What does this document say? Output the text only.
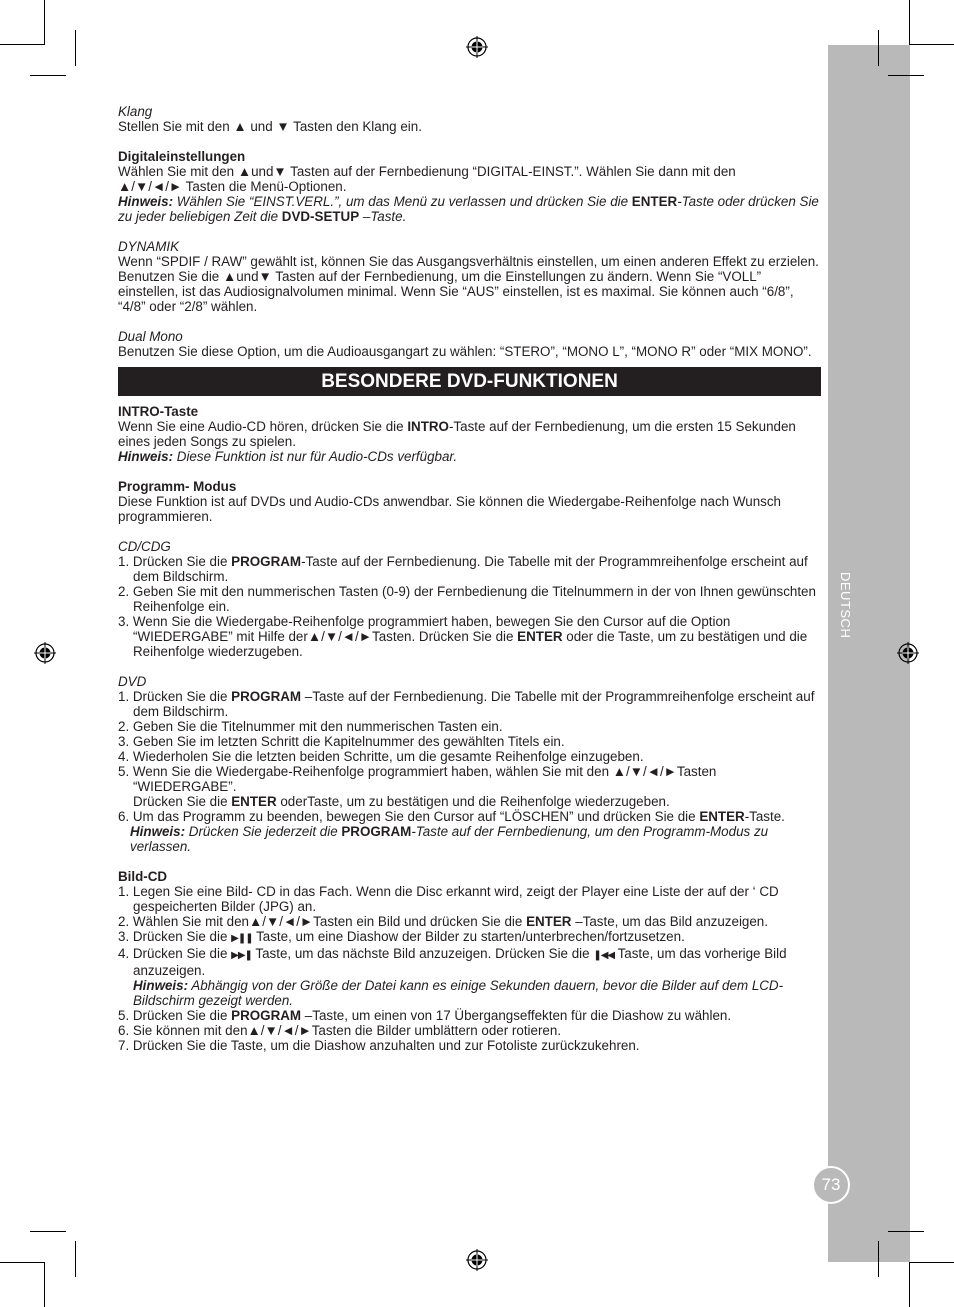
DEUTSCH
73

Klang

Stellen Sie mit den ▲ und ▼ Tasten den Klang ein.

Digitaleinstellungen

Wählen Sie mit den ▲und▼ Tasten auf der Fernbedienung “DIGITAL-EINST.”. Wählen Sie dann mit den

▲/▼/◄/► Tasten die Menü-Optionen.

Hinweis: Wählen Sie “EINST.VERL.”, um das Menü zu verlassen und drücken Sie die ENTER-Taste oder drücken Sie zu jeder beliebigen Zeit die DVD-SETUP –Taste.

DYNAMIK

Wenn “SPDIF / RAW” gewählt ist, können Sie das Ausgangsverhältnis einstellen, um einen anderen Effekt zu erzielen. Benutzen Sie die ▲und▼ Tasten auf der Fernbedienung, um die Einstellungen zu ändern. Wenn Sie “VOLL” einstellen, ist das Audiosignalvolumen minimal. Wenn Sie “AUS” einstellen, ist es maximal. Sie können auch “6/8”, “4/8” oder “2/8” wählen.

Dual Mono

Benutzen Sie diese Option, um die Audioausgangart zu wählen: “STERO”, “MONO L”, “MONO R” oder “MIX MONO”.

BESONDERE DVD-FUNKTIONEN

INTRO-Taste

Wenn Sie eine Audio-CD hören, drücken Sie die INTRO-Taste auf der Fernbedienung, um die ersten 15 Sekunden eines jeden Songs zu spielen.

Hinweis: Diese Funktion ist nur für Audio-CDs verfügbar.

Programm- Modus

Diese Funktion ist auf DVDs und Audio-CDs anwendbar. Sie können die Wiedergabe-Reihenfolge nach Wunsch programmieren.

CD/CDG

1. Drücken Sie die PROGRAM-Taste auf der Fernbedienung. Die Tabelle mit der Programmreihenfolge erscheint auf dem Bildschirm.
2. Geben Sie mit den nummerischen Tasten (0-9) der Fernbedienung die Titelnummern in der von Ihnen gewünschten Reihenfolge ein.
3. Wenn Sie die Wiedergabe-Reihenfolge programmiert haben, bewegen Sie den Cursor auf die Option “WIEDERGABE” mit Hilfe der▲/▼/◄/►Tasten. Drücken Sie die ENTER oder die Taste, um zu bestätigen und die Reihenfolge wiederzugeben.

DVD

1. Drücken Sie die PROGRAM –Taste auf der Fernbedienung. Die Tabelle mit der Programmreihenfolge erscheint auf dem Bildschirm.
2. Geben Sie die Titelnummer mit den nummerischen Tasten ein.
3. Geben Sie im letzten Schritt die Kapitelnummer des gewählten Titels ein.
4. Wiederholen Sie die letzten beiden Schritte, um die gesamte Reihenfolge einzugeben.
5. Wenn Sie die Wiedergabe-Reihenfolge programmiert haben, wählen Sie mit den ▲/▼/◄/►Tasten “WIEDERGABE”.

Drücken Sie die ENTER oderTaste, um zu bestätigen und die Reihenfolge wiederzugeben.

6. Um das Programm zu beenden, bewegen Sie den Cursor auf “LÖSCHEN” und drücken Sie die ENTER-Taste.

Hinweis: Drücken Sie jederzeit die PROGRAM-Taste auf der Fernbedienung, um den Programm-Modus zu verlassen.

Bild-CD

1. Legen Sie eine Bild- CD in das Fach. Wenn die Disc erkannt wird, zeigt der Player eine Liste der auf der ‘ CD gespeicherten Bilder (JPG) an.
2. Wählen Sie mit den▲/▼/◄/►Tasten ein Bild und drücken Sie die ENTER –Taste, um das Bild anzuzeigen.
3. Drücken Sie die ▶❚❚ Taste, um eine Diashow der Bilder zu starten/unterbrechen/fortzusetzen.
4. Drücken Sie die ▶▶❚ Taste, um das nächste Bild anzuzeigen. Drücken Sie die ❚◀◀ Taste, um das vorherige Bild anzuzeigen.

Hinweis: Abhängig von der Größe der Datei kann es einige Sekunden dauern, bevor die Bilder auf dem LCD-Bildschirm gezeigt werden.

5. Drücken Sie die PROGRAM –Taste, um einen von 17 Übergangseffekten für die Diashow zu wählen.
6. Sie können mit den▲/▼/◄/►Tasten die Bilder umblättern oder rotieren.
7. Drücken Sie die Taste, um die Diashow anzuhalten und zur Fotoliste zurückzukehren.
